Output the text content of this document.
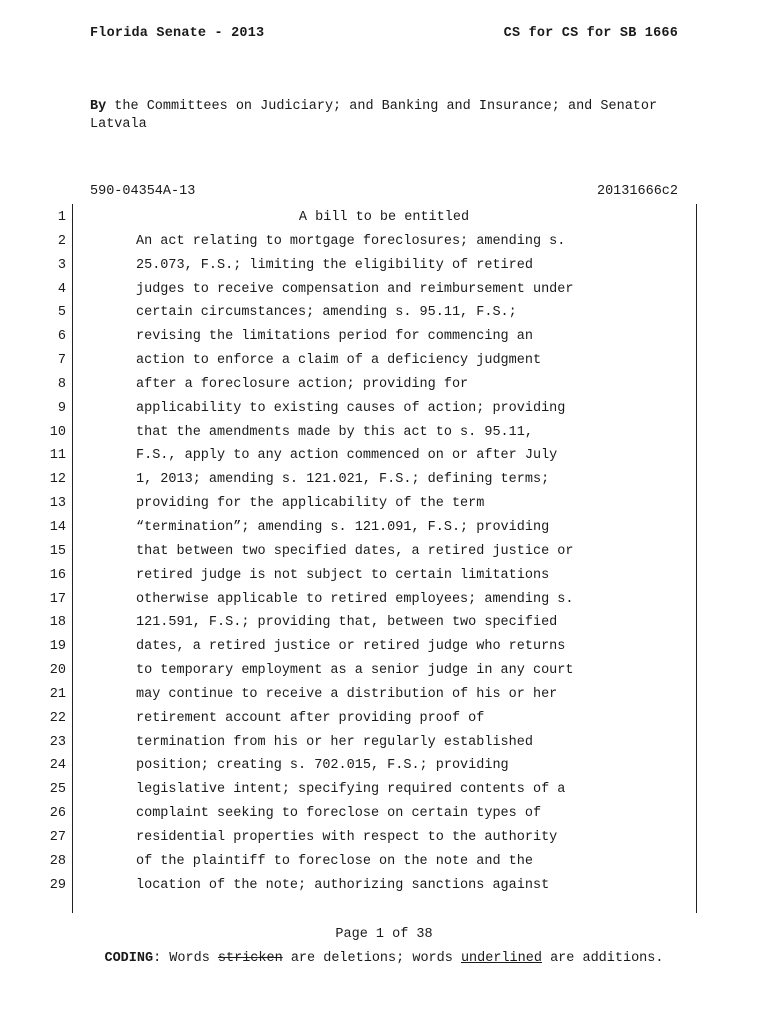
Florida Senate - 2013	CS for CS for SB 1666
By the Committees on Judiciary; and Banking and Insurance; and Senator Latvala
590-04354A-13	20131666c2
1	A bill to be entitled
2	An act relating to mortgage foreclosures; amending s.
3	25.073, F.S.; limiting the eligibility of retired
4	judges to receive compensation and reimbursement under
5	certain circumstances; amending s. 95.11, F.S.;
6	revising the limitations period for commencing an
7	action to enforce a claim of a deficiency judgment
8	after a foreclosure action; providing for
9	applicability to existing causes of action; providing
10	that the amendments made by this act to s. 95.11,
11	F.S., apply to any action commenced on or after July
12	1, 2013; amending s. 121.021, F.S.; defining terms;
13	providing for the applicability of the term
14	“termination”; amending s. 121.091, F.S.; providing
15	that between two specified dates, a retired justice or
16	retired judge is not subject to certain limitations
17	otherwise applicable to retired employees; amending s.
18	121.591, F.S.; providing that, between two specified
19	dates, a retired justice or retired judge who returns
20	to temporary employment as a senior judge in any court
21	may continue to receive a distribution of his or her
22	retirement account after providing proof of
23	termination from his or her regularly established
24	position; creating s. 702.015, F.S.; providing
25	legislative intent; specifying required contents of a
26	complaint seeking to foreclose on certain types of
27	residential properties with respect to the authority
28	of the plaintiff to foreclose on the note and the
29	location of the note; authorizing sanctions against
Page 1 of 38
CODING: Words stricken are deletions; words underlined are additions.
